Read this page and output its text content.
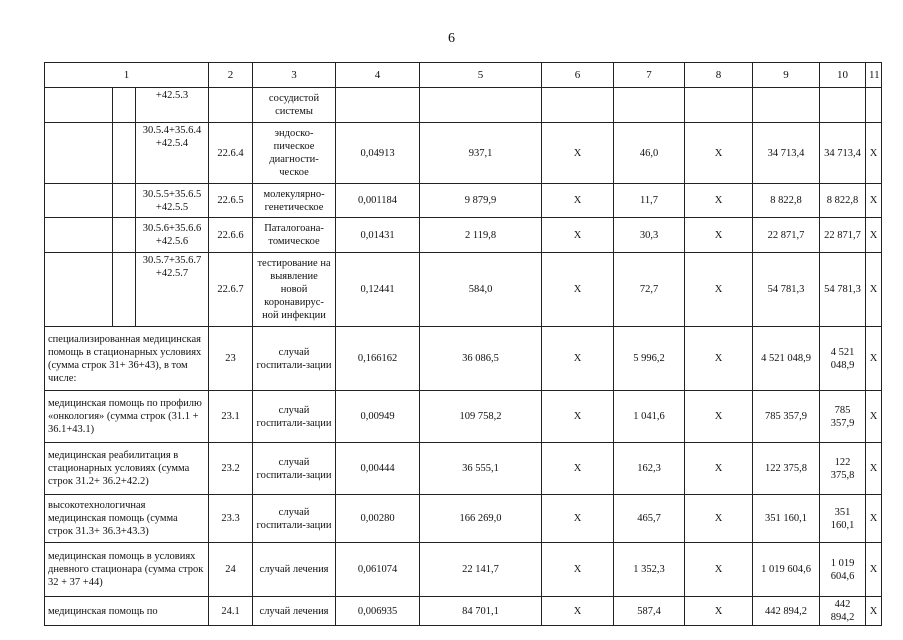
6
1			2	3	4	5	6	7	8	9	10	11
		+42.5.3		сосудистой системы								
		30.5.4+35.6.4 +42.5.4	22.6.4	эндоско-пическое диагности-ческое	0,04913	937,1	Х	46,0	Х	34 713,4	34 713,4	Х
		30.5.5+35.6.5 +42.5.5	22.6.5	молекулярно-генетическое	0,001184	9 879,9	Х	11,7	Х	8 822,8	8 822,8	Х
		30.5.6+35.6.6 +42.5.6	22.6.6	Паталогоана-томическое	0,01431	2 119,8	Х	30,3	Х	22 871,7	22 871,7	Х
		30.5.7+35.6.7 +42.5.7	22.6.7	тестирование на выявление новой коронавирус-ной инфекции	0,12441	584,0	Х	72,7	Х	54 781,3	54 781,3	Х
специализированная медицинская помощь в стационарных условиях (сумма строк 31+ 36+43), в том числе:			23	случай госпитали-зации	0,166162	36 086,5	Х	5 996,2	Х	4 521 048,9	4 521 048,9	Х
медицинская помощь по профилю «онкология» (сумма строк (31.1 + 36.1+43.1)			23.1	случай госпитали-зации	0,00949	109 758,2	Х	1 041,6	Х	785 357,9	785 357,9	Х
медицинская реабилитация в стационарных условиях (сумма строк 31.2+ 36.2+42.2)			23.2	случай госпитали-зации	0,00444	36 555,1	Х	162,3	Х	122 375,8	122 375,8	Х
высокотехнологичная медицинская помощь (сумма строк 31.3+ 36.3+43.3)			23.3	случай госпитали-зации	0,00280	166 269,0	Х	465,7	Х	351 160,1	351 160,1	Х
медицинская помощь в условиях дневного стационара (сумма строк 32 + 37 +44)			24	случай лечения	0,061074	22 141,7	Х	1 352,3	Х	1 019 604,6	1 019 604,6	Х
медицинская помощь по			24.1	случай лечения	0,006935	84 701,1	Х	587,4	Х	442 894,2	442 894,2	Х
